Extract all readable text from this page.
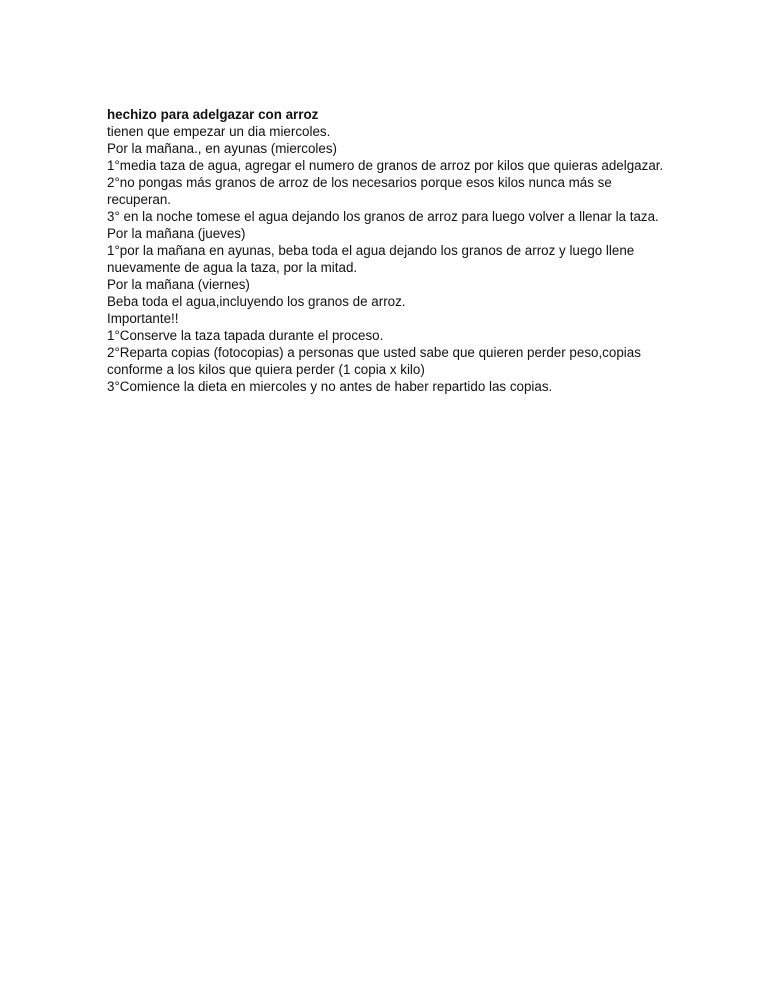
hechizo para adelgazar con arroz
tienen que empezar un dia miercoles.
Por la mañana., en ayunas (miercoles)
1°media taza de agua, agregar el numero de granos de arroz por kilos que quieras adelgazar.
2°no pongas más granos de arroz de los necesarios porque esos kilos nunca más se recuperan.
3° en la noche tomese el agua dejando los granos de arroz para luego volver a llenar la taza.
Por la mañana (jueves)
1°por la mañana en ayunas, beba toda el agua dejando los granos de arroz y luego llene nuevamente de agua la taza, por la mitad.
Por la mañana (viernes)
Beba toda el agua,incluyendo los granos de arroz.
Importante!!
1°Conserve la taza tapada durante el proceso.
2°Reparta copias (fotocopias) a personas que usted sabe que quieren perder peso,copias conforme a los kilos que quiera perder (1 copia x kilo)
3°Comience la dieta en miercoles y no antes de haber repartido las copias.
